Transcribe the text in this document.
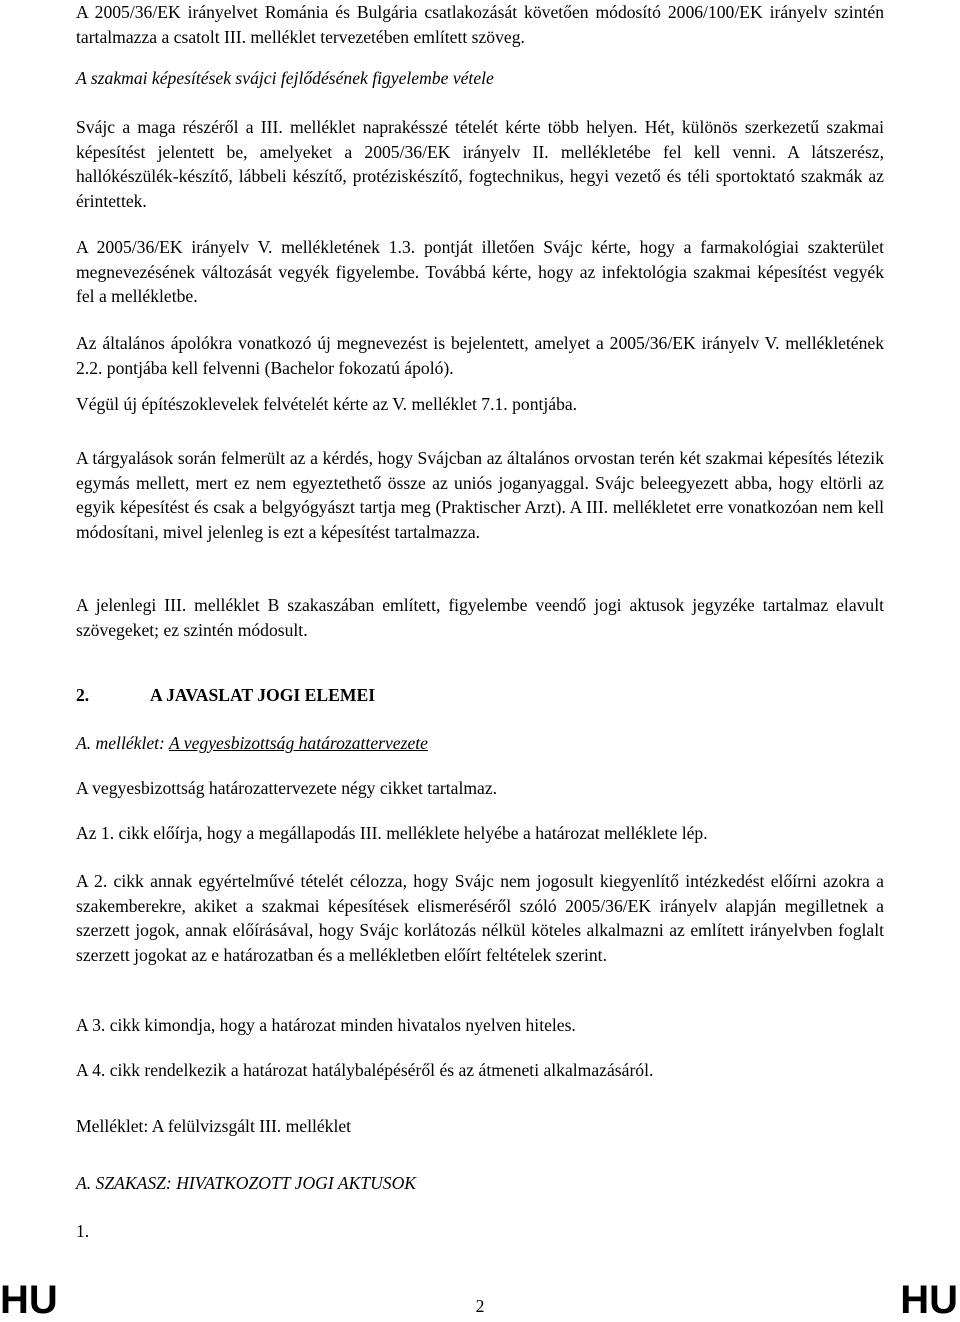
A 2005/36/EK irányelvet Románia és Bulgária csatlakozását követően módosító 2006/100/EK irányelv szintén tartalmazza a csatolt III. melléklet tervezetében említett szöveg.

A szakmai képesítések svájci fejlődésének figyelembe vétele

Svájc a maga részéről a III. melléklet naprakésszé tételét kérte több helyen. Hét, különös szerkezetű szakmai képesítést jelentett be, amelyeket a 2005/36/EK irányelv II. mellékletébe fel kell venni. A látszerész, hallókészülék-készítő, lábbeli készítő, protéziskészítő, fogtechnikus, hegyi vezető és téli sportoktató szakmák az érintettek.

A 2005/36/EK irányelv V. mellékletének 1.3. pontját illetően Svájc kérte, hogy a farmakológiai szakterület megnevezésének változását vegyék figyelembe. Továbbá kérte, hogy az infektológia szakmai képesítést vegyék fel a mellékletbe.

Az általános ápolókra vonatkozó új megnevezést is bejelentett, amelyet a 2005/36/EK irányelv V. mellékletének 2.2. pontjába kell felvenni (Bachelor fokozatú ápoló).

Végül új építészoklevelek felvételét kérte az V. melléklet 7.1. pontjába.

A tárgyalások során felmerült az a kérdés, hogy Svájcban az általános orvostan terén két szakmai képesítés létezik egymás mellett, mert ez nem egyeztethető össze az uniós joganyaggal. Svájc beleegyezett abba, hogy eltörli az egyik képesítést és csak a belgyógyászt tartja meg (Praktischer Arzt). A III. mellékletet erre vonatkozóan nem kell módosítani, mivel jelenleg is ezt a képesítést tartalmazza.

A jelenlegi III. melléklet B szakaszában említett, figyelembe veendő jogi aktusok jegyzéke tartalmaz elavult szövegeket; ez szintén módosult.

2.	A JAVASLAT JOGI ELEMEI

A. melléklet: A vegyesbizottság határozattervezete

A vegyesbizottság határozattervezete négy cikket tartalmaz.

Az 1. cikk előírja, hogy a megállapodás III. melléklete helyébe a határozat melléklete lép.

A 2. cikk annak egyértelművé tételét célozza, hogy Svájc nem jogosult kiegyenlítő intézkedést előírni azokra a szakemberekre, akiket a szakmai képesítések elismeréséről szóló 2005/36/EK irányelv alapján megilletnek a szerzett jogok, annak előírásával, hogy Svájc korlátozás nélkül köteles alkalmazni az említett irányelvben foglalt szerzett jogokat az e határozatban és a mellékletben előírt feltételek szerint.

A 3. cikk kimondja, hogy a határozat minden hivatalos nyelven hiteles.

A 4. cikk rendelkezik a határozat hatálybalépéséről és az átmeneti alkalmazásáról.

Melléklet: A felülvizsgált III. melléklet

A. SZAKASZ: HIVATKOZOTT JOGI AKTUSOK

1.

HU	2	HU
